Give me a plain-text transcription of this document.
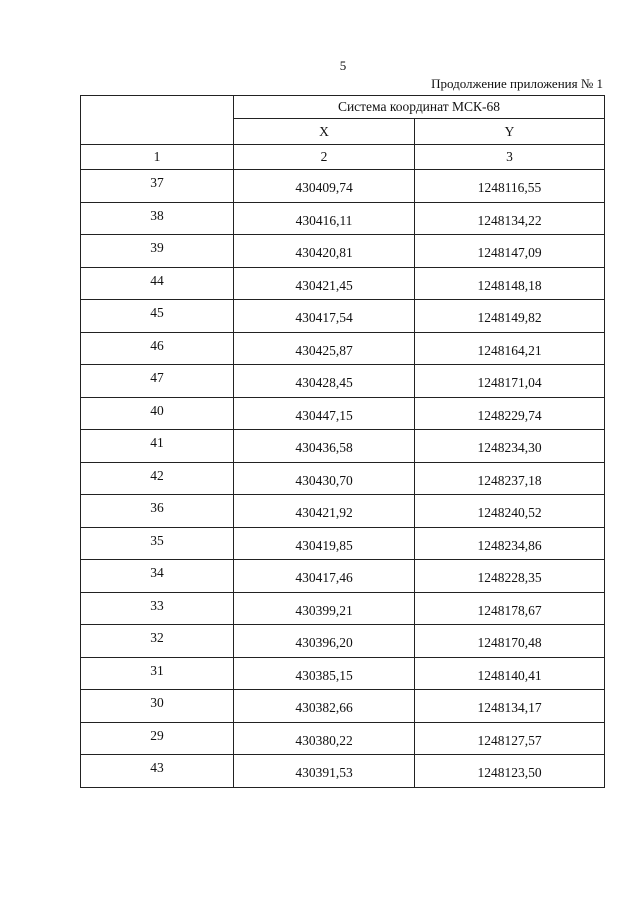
5
Продолжение приложения № 1
	Система координат МСК-68	
	X	Y
1	2	3
37	430409,74	1248116,55
38	430416,11	1248134,22
39	430420,81	1248147,09
44	430421,45	1248148,18
45	430417,54	1248149,82
46	430425,87	1248164,21
47	430428,45	1248171,04
40	430447,15	1248229,74
41	430436,58	1248234,30
42	430430,70	1248237,18
36	430421,92	1248240,52
35	430419,85	1248234,86
34	430417,46	1248228,35
33	430399,21	1248178,67
32	430396,20	1248170,48
31	430385,15	1248140,41
30	430382,66	1248134,17
29	430380,22	1248127,57
43	430391,53	1248123,50
